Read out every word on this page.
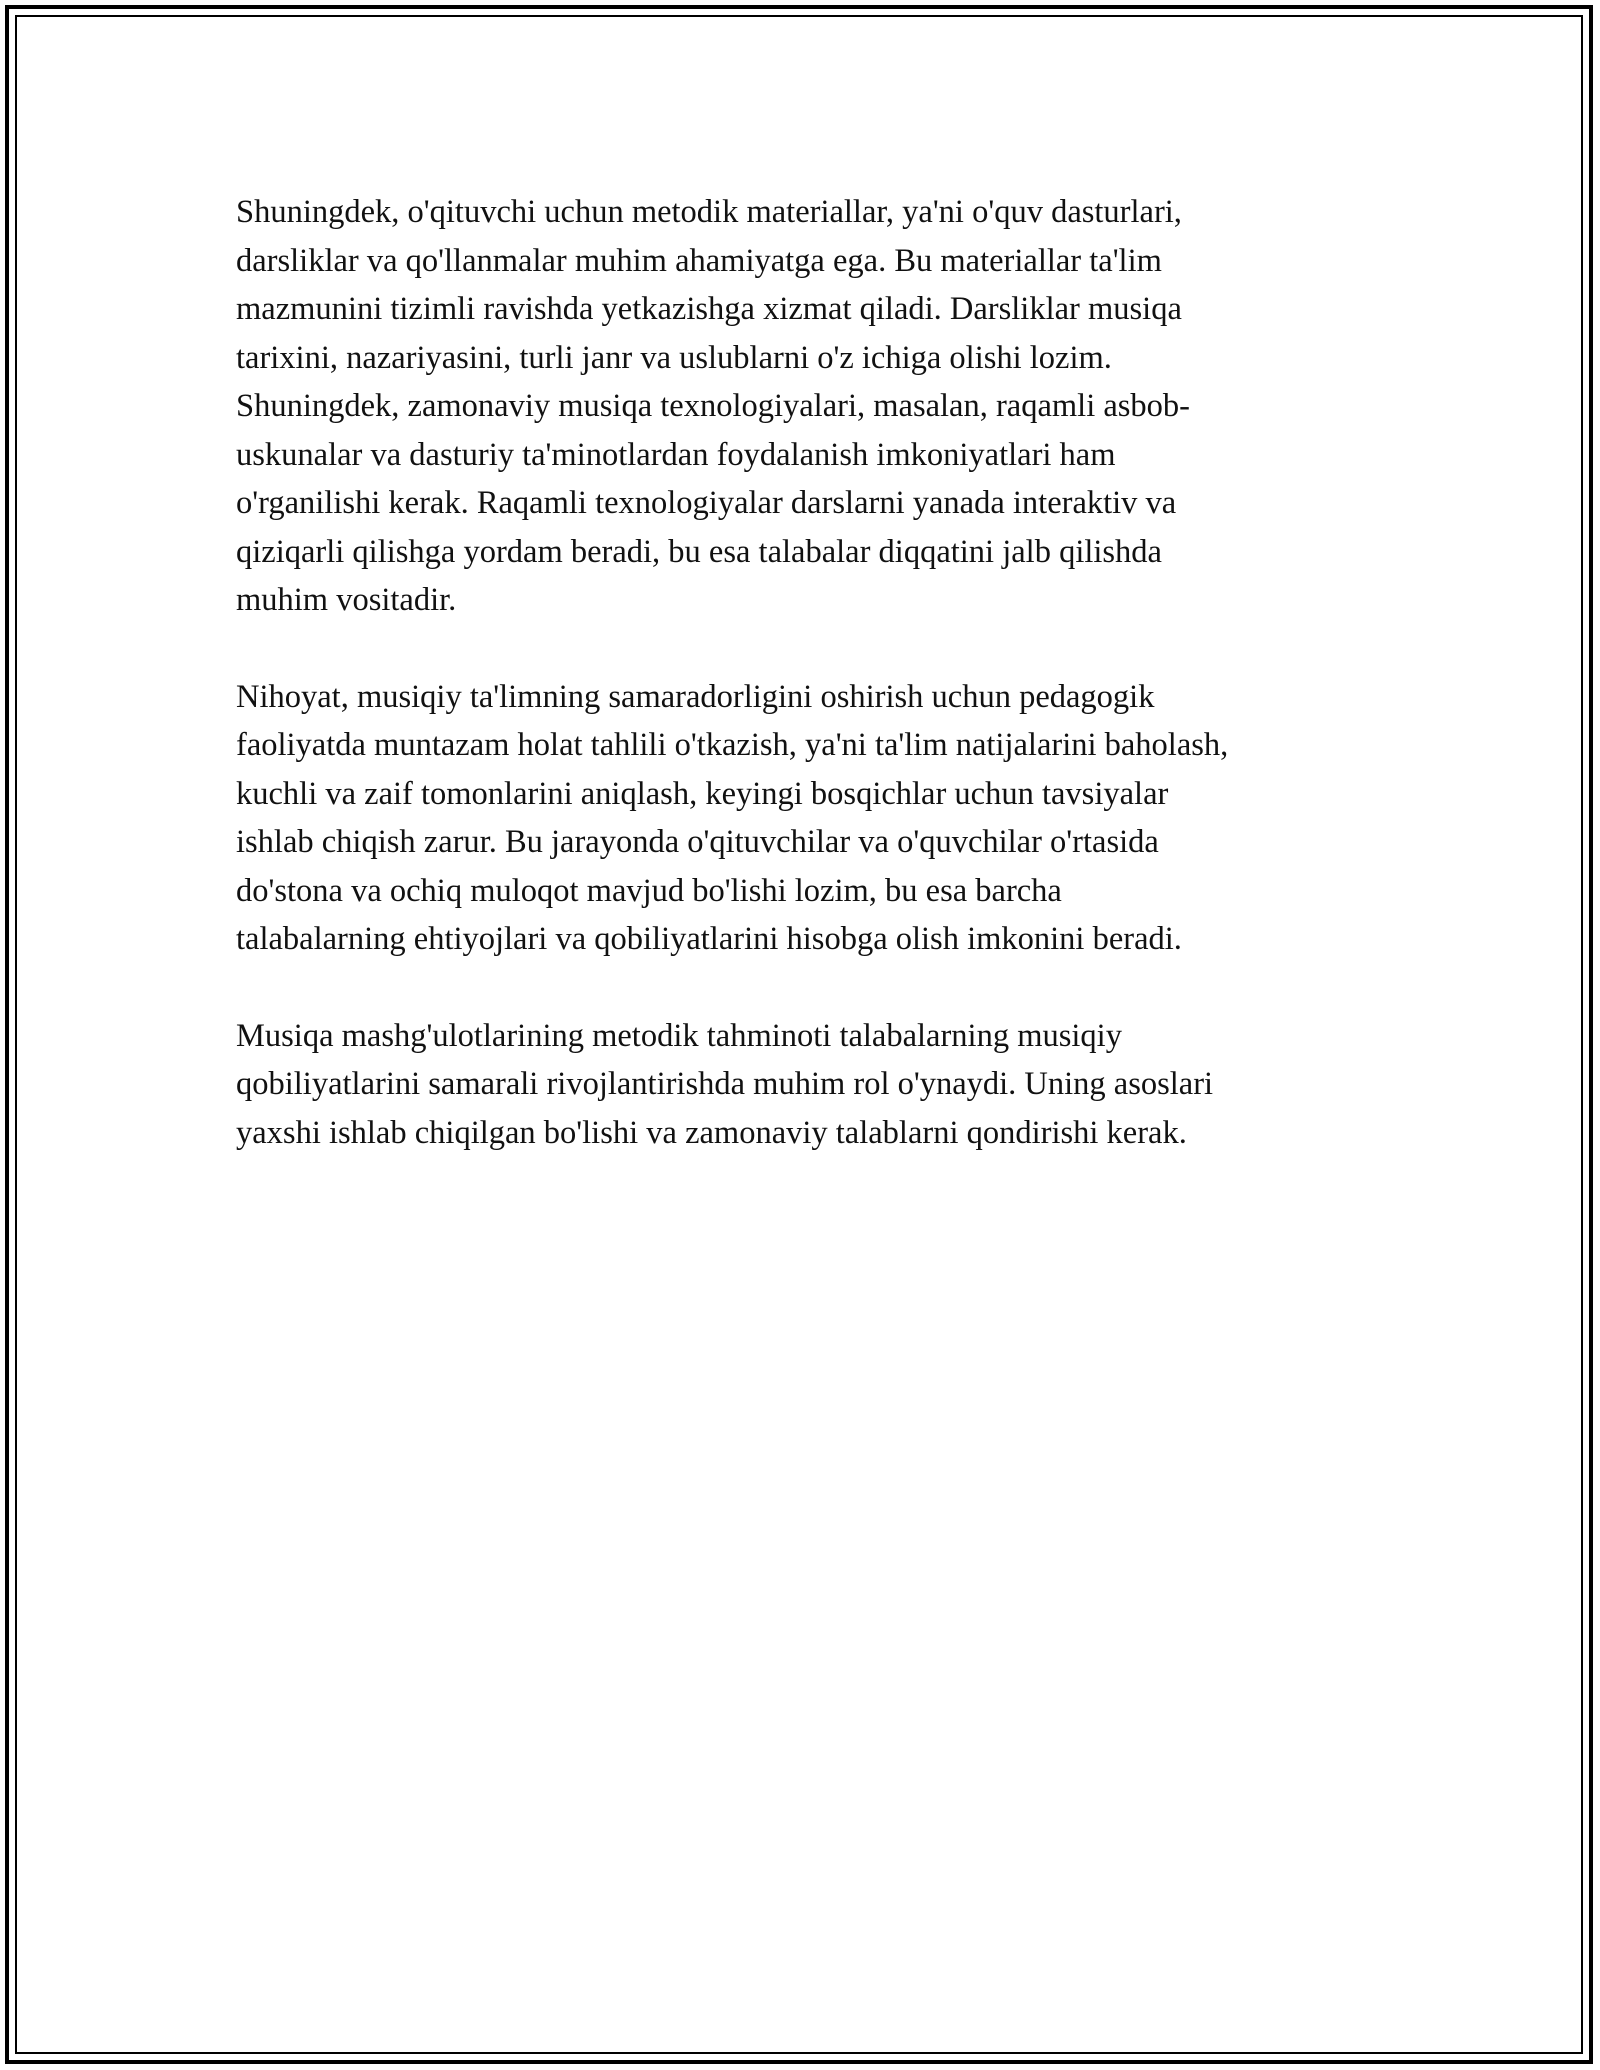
Shuningdek, o'qituvchi uchun metodik materiallar, ya'ni o'quv dasturlari,
darsliklar va qo'llanmalar muhim ahamiyatga ega. Bu materiallar ta'lim
mazmunini tizimli ravishda yetkazishga xizmat qiladi. Darsliklar musiqa
tarixini, nazariyasini, turli janr va uslublarni o'z ichiga olishi lozim.
Shuningdek, zamonaviy musiqa texnologiyalari, masalan, raqamli asbob-
uskunalar va dasturiy ta'minotlardan foydalanish imkoniyatlari ham
o'rganilishi kerak. Raqamli texnologiyalar darslarni yanada interaktiv va
qiziqarli qilishga yordam beradi, bu esa talabalar diqqatini jalb qilishda
muhim vositadir.

Nihoyat, musiqiy ta'limning samaradorligini oshirish uchun pedagogik
faoliyatda muntazam holat tahlili o'tkazish, ya'ni ta'lim natijalarini baholash,
kuchli va zaif tomonlarini aniqlash, keyingi bosqichlar uchun tavsiyalar
ishlab chiqish zarur. Bu jarayonda o'qituvchilar va o'quvchilar o'rtasida
do'stona va ochiq muloqot mavjud bo'lishi lozim, bu esa barcha
talabalarning ehtiyojlari va qobiliyatlarini hisobga olish imkonini beradi.

Musiqa mashg'ulotlarining metodik tahminoti talabalarning musiqiy
qobiliyatlarini samarali rivojlantirishda muhim rol o'ynaydi. Uning asoslari
yaxshi ishlab chiqilgan bo'lishi va zamonaviy talablarni qondirishi kerak.
